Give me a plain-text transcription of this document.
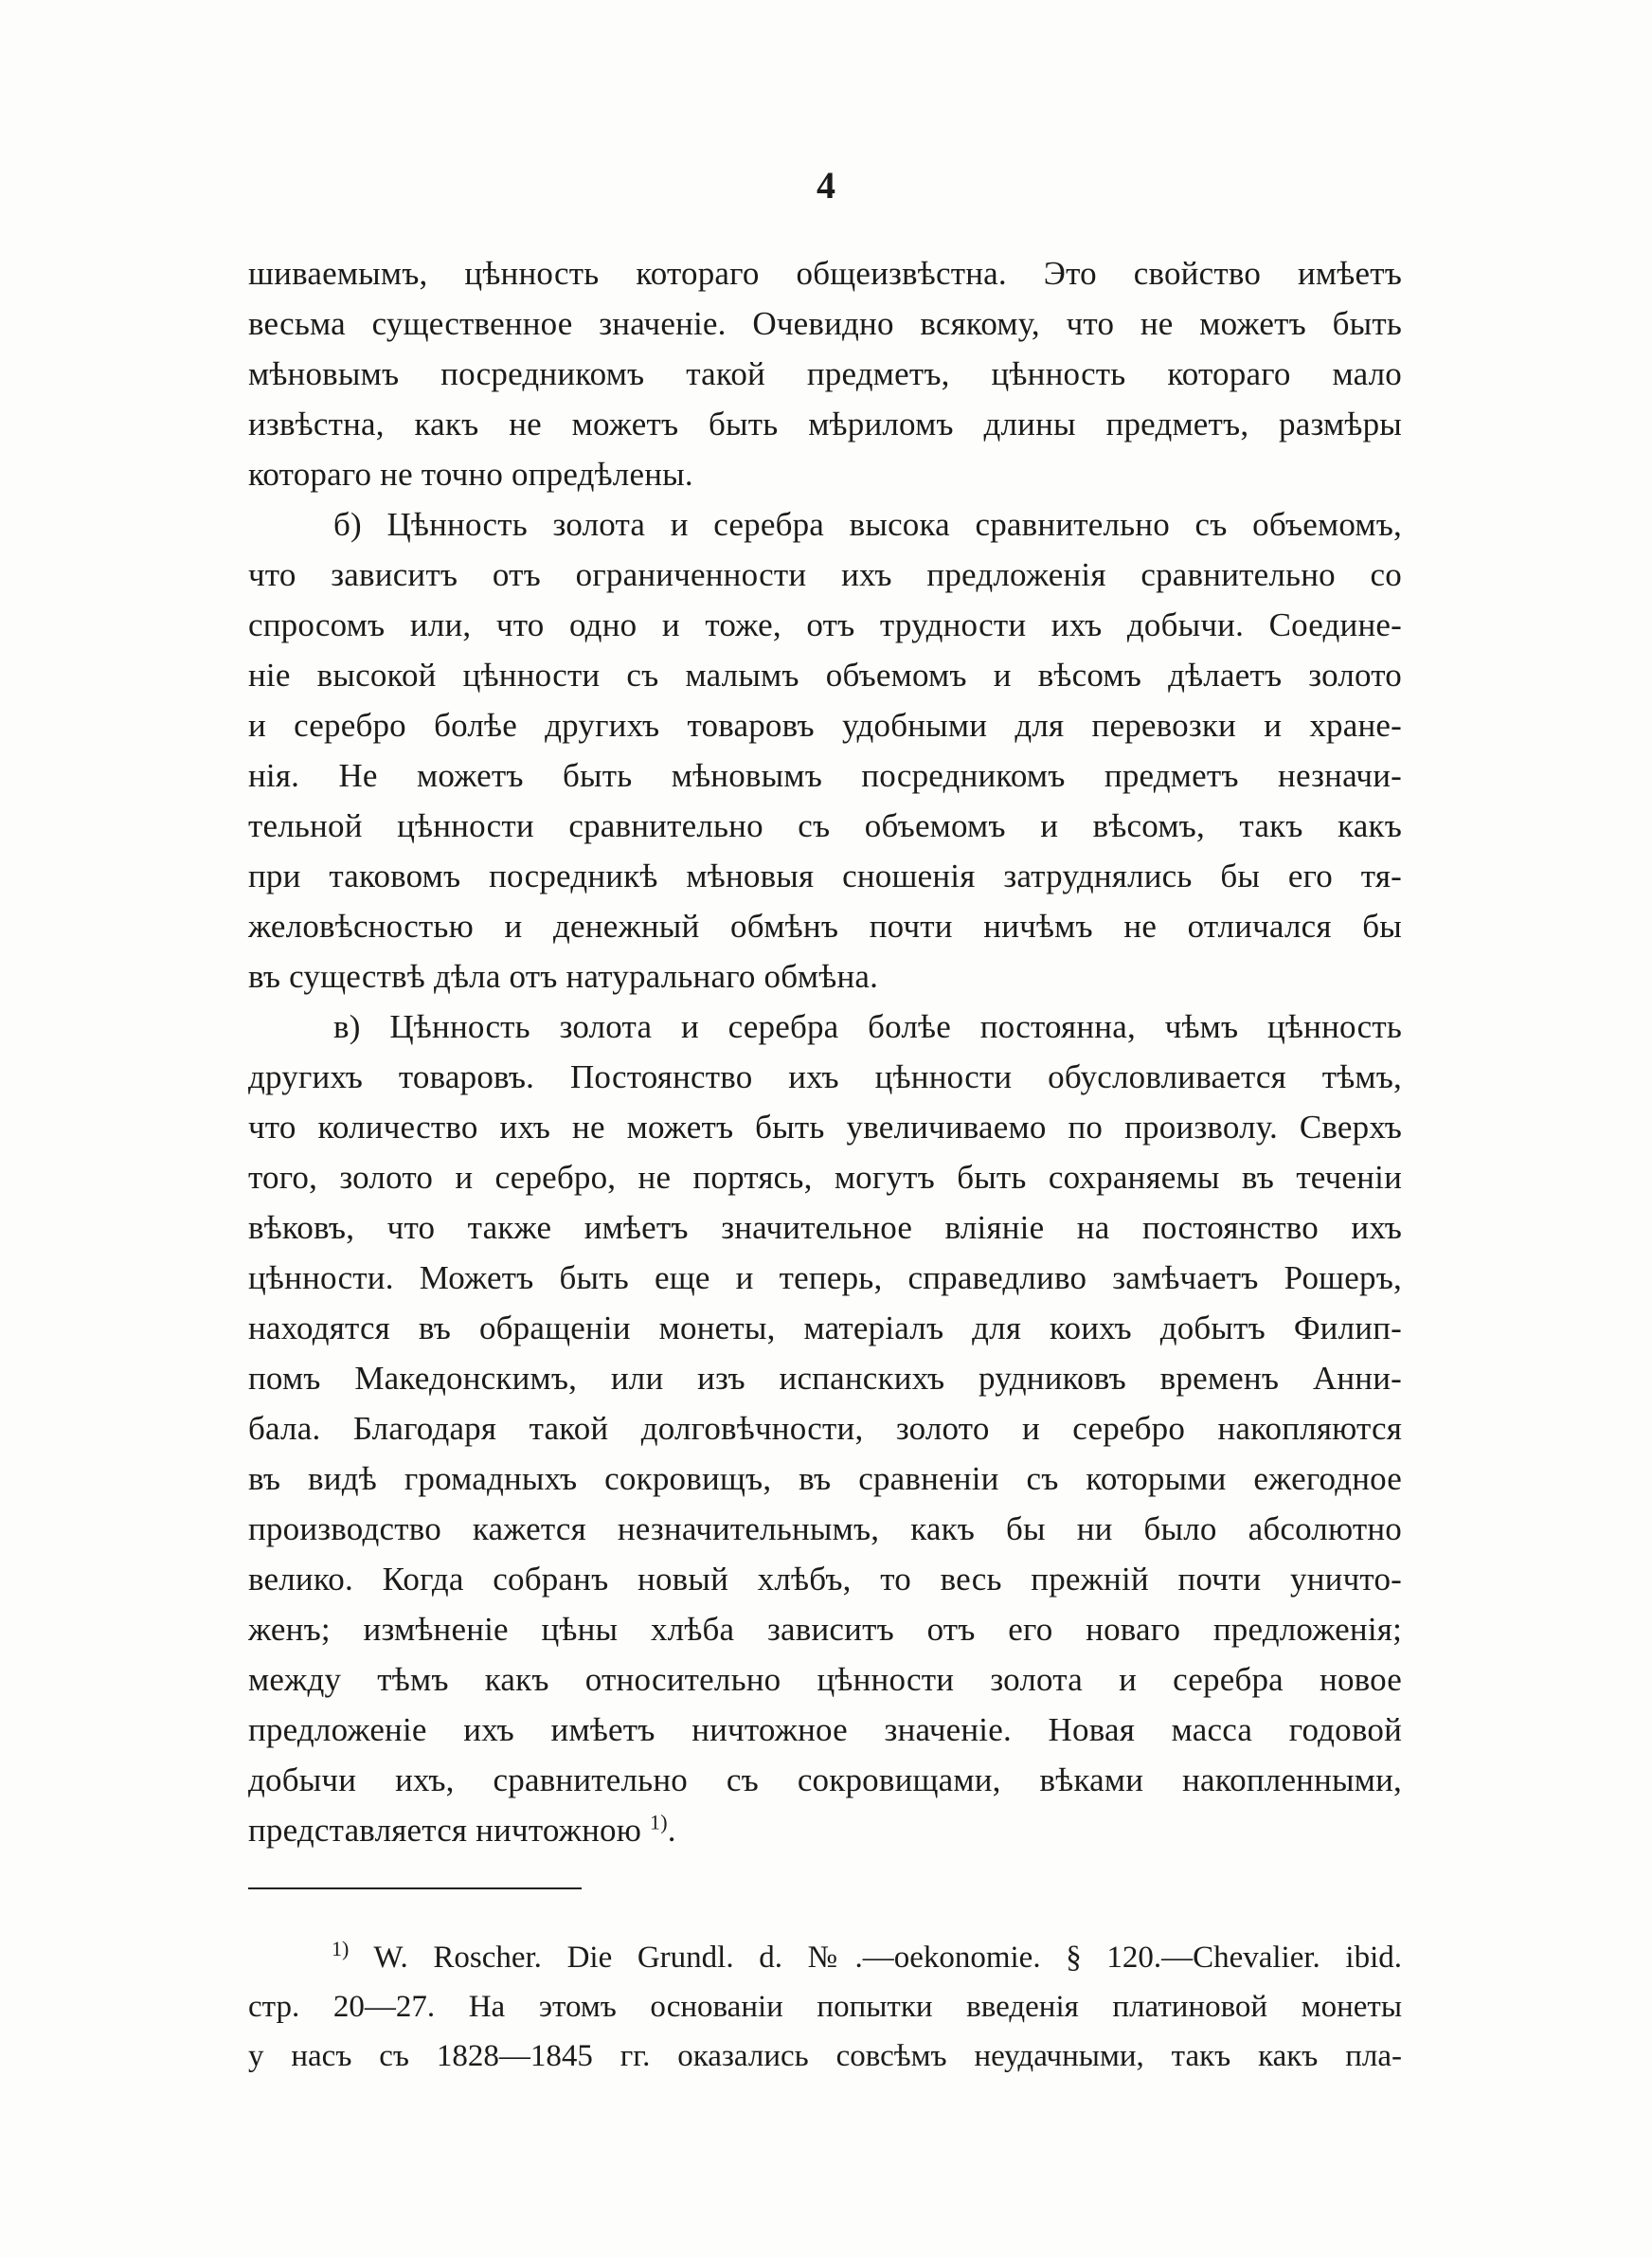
4
шиваемымъ, цѣнность котораго общеизвѣстна. Это свойство имѣетъ
весьма существенное значеніе. Очевидно всякому, что не можетъ быть
мѣновымъ посредникомъ такой предметъ, цѣнность котораго мало
извѣстна, какъ не можетъ быть мѣриломъ длины предметъ, размѣры
котораго не точно опредѣлены.
б) Цѣнность золота и серебра высока сравнительно съ объемомъ,
что зависитъ отъ ограниченности ихъ предложенія сравнительно со
спросомъ или, что одно и тоже, отъ трудности ихъ добычи. Соедине-
ніе высокой цѣнности съ малымъ объемомъ и вѣсомъ дѣлаетъ золото
и серебро болѣе другихъ товаровъ удобными для перевозки и хране-
нія. Не можетъ быть мѣновымъ посредникомъ предметъ незначи-
тельной цѣнности сравнительно съ объемомъ и вѣсомъ, такъ какъ
при таковомъ посредникѣ мѣновыя сношенія затруднялись бы его тя-
желовѣсностью и денежный обмѣнъ почти ничѣмъ не отличался бы
въ существѣ дѣла отъ натуральнаго обмѣна.
в) Цѣнность золота и серебра болѣе постоянна, чѣмъ цѣнность
другихъ товаровъ. Постоянство ихъ цѣнности обусловливается тѣмъ,
что количество ихъ не можетъ быть увеличиваемо по произволу. Сверхъ
того, золото и серебро, не портясь, могутъ быть сохраняемы въ теченіи
вѣковъ, что также имѣетъ значительное вліяніе на постоянство ихъ
цѣнности. Можетъ быть еще и теперь, справедливо замѣчаетъ Рошеръ,
находятся въ обращеніи монеты, матеріалъ для коихъ добытъ Филип-
помъ Македонскимъ, или изъ испанскихъ рудниковъ временъ Анни-
бала. Благодаря такой долговѣчности, золото и серебро накопляются
въ видѣ громадныхъ сокровищъ, въ сравненіи съ которыми ежегодное
производство кажется незначительнымъ, какъ бы ни было абсолютно
велико. Когда собранъ новый хлѣбъ, то весь прежній почти уничто-
женъ; измѣненіе цѣны хлѣба зависитъ отъ его новаго предложенія;
между тѣмъ какъ относительно цѣнности золота и серебра новое
предложеніе ихъ имѣетъ ничтожное значеніе. Новая масса годовой
добычи ихъ, сравнительно съ сокровищами, вѣками накопленными,
представляется ничтожною $^{1)}$.
$^{1)}$ W. Roscher. Die Grundl. d. №.—oekonomie. § 120.—Chevalier. ibid.
стр. 20—27. На этомъ основаніи попытки введенія платиновой монеты
у насъ съ 1828—1845 гг. оказались совсѣмъ неудачными, такъ какъ пла-
